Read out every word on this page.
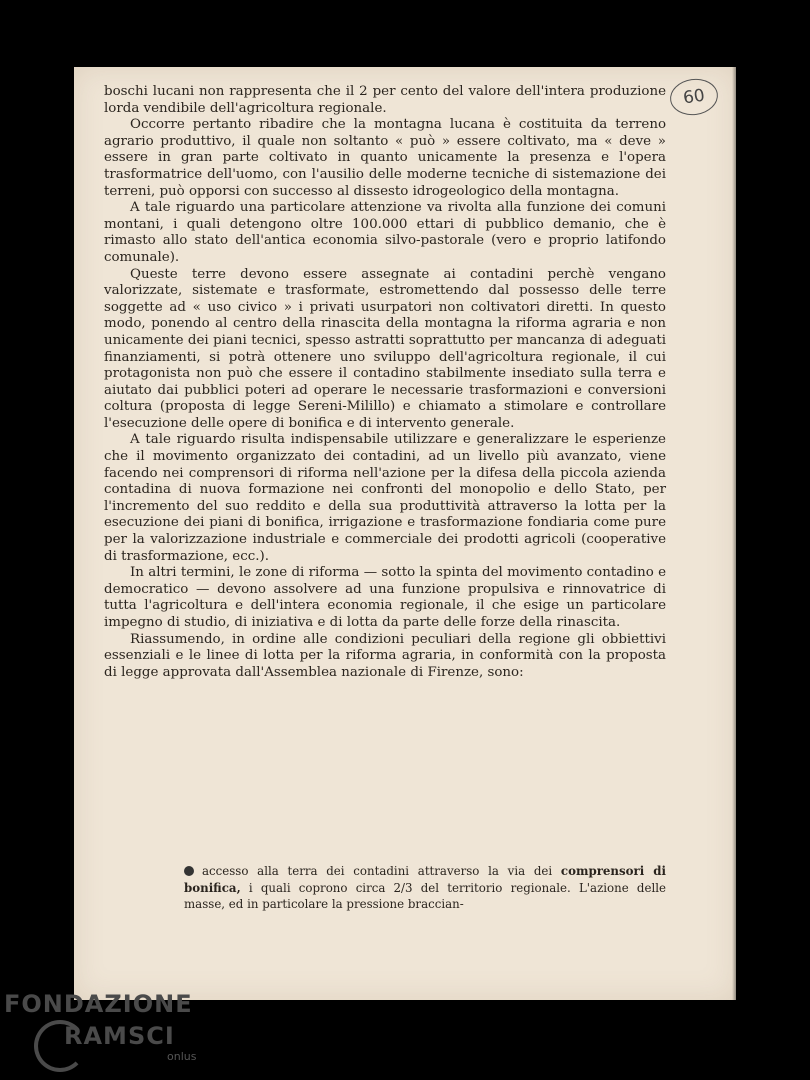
60

boschi lucani non rappresenta che il 2 per cento del valore dell'intera produzione lorda vendibile dell'agricoltura regionale.

Occorre pertanto ribadire che la montagna lucana è costituita da terreno agrario produttivo, il quale non soltanto « può » essere coltivato, ma « deve » essere in gran parte coltivato in quanto unicamente la presenza e l'opera trasformatrice dell'uomo, con l'ausilio delle moderne tecniche di sistemazione dei terreni, può opporsi con successo al dissesto idrogeologico della montagna.

A tale riguardo una particolare attenzione va rivolta alla funzione dei comuni montani, i quali detengono oltre 100.000 ettari di pubblico demanio, che è rimasto allo stato dell'antica economia silvo-pastorale (vero e proprio latifondo comunale).

Queste terre devono essere assegnate ai contadini perchè vengano valorizzate, sistemate e trasformate, estromettendo dal possesso delle terre soggette ad « uso civico » i privati usurpatori non coltivatori diretti. In questo modo, ponendo al centro della rinascita della montagna la riforma agraria e non unicamente dei piani tecnici, spesso astratti soprattutto per mancanza di adeguati finanziamenti, si potrà ottenere uno sviluppo dell'agricoltura regionale, il cui protagonista non può che essere il contadino stabilmente insediato sulla terra e aiutato dai pubblici poteri ad operare le necessarie trasformazioni e conversioni coltura (proposta di legge Sereni-Milillo) e chiamato a stimolare e controllare l'esecuzione delle opere di bonifica e di intervento generale.

A tale riguardo risulta indispensabile utilizzare e generalizzare le esperienze che il movimento organizzato dei contadini, ad un livello più avanzato, viene facendo nei comprensori di riforma nell'azione per la difesa della piccola azienda contadina di nuova formazione nei confronti del monopolio e dello Stato, per l'incremento del suo reddito e della sua produttività attraverso la lotta per la esecuzione dei piani di bonifica, irrigazione e trasformazione fondiaria come pure per la valorizzazione industriale e commerciale dei prodotti agricoli (cooperative di trasformazione, ecc.).

In altri termini, le zone di riforma — sotto la spinta del movimento contadino e democratico — devono assolvere ad una funzione propulsiva e rinnovatrice di tutta l'agricoltura e dell'intera economia regionale, il che esige un particolare impegno di studio, di iniziativa e di lotta da parte delle forze della rinascita.

Riassumendo, in ordine alle condizioni peculiari della regione gli obbiettivi essenziali e le linee di lotta per la riforma agraria, in conformità con la proposta di legge approvata dall'Assemblea nazionale di Firenze, sono:

accesso alla terra dei contadini attraverso la via dei comprensori di bonifica, i quali coprono circa 2/3 del territorio regionale. L'azione delle masse, ed in particolare la pressione braccian-
FONDAZIONE
RAMSCI
onlus
